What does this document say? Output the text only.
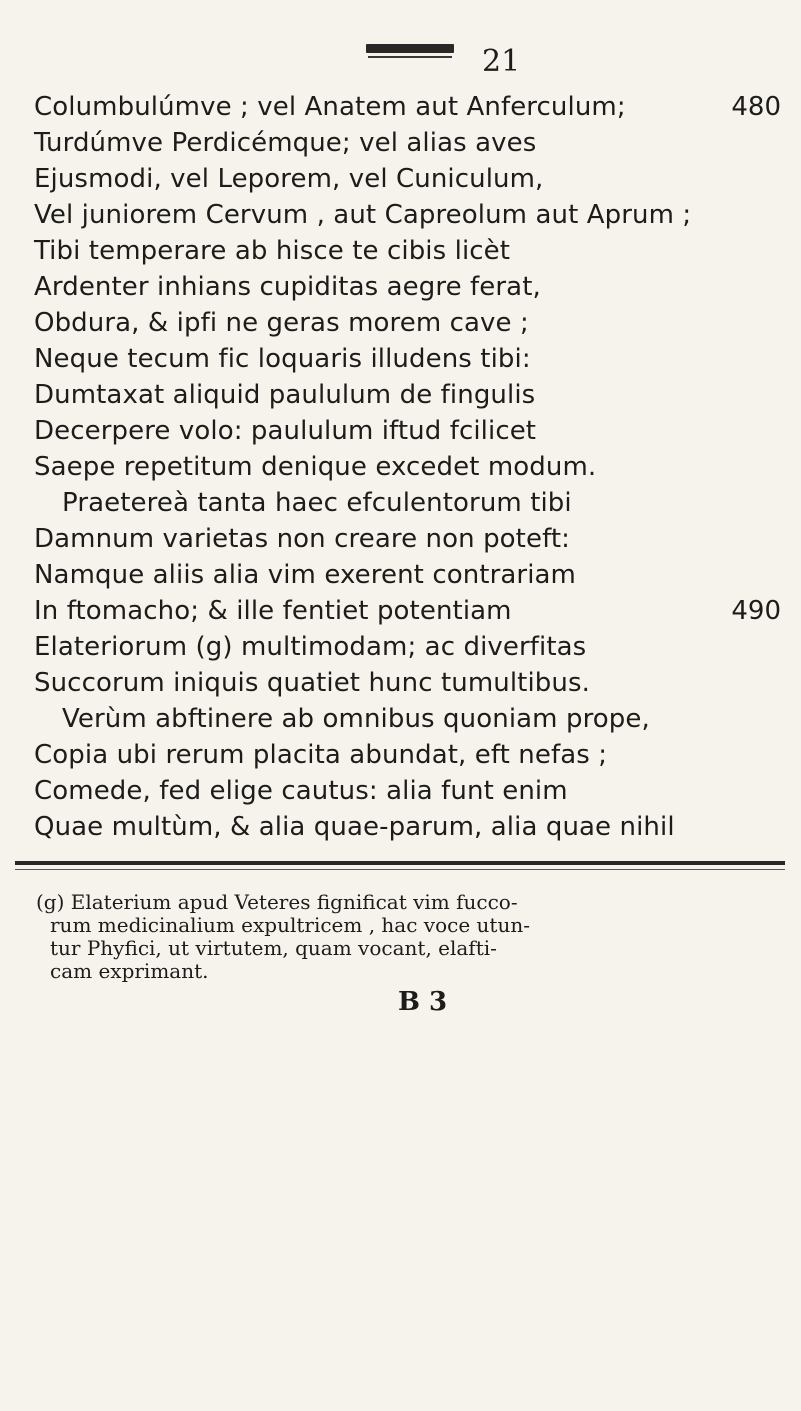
21
Columbulúmve ; vel Anatem aut Anferculum;	480
Turdúmve Perdicémque; vel alias aves
Ejusmodi, vel Leporem, vel Cuniculum,
Vel juniorem Cervum , aut Capreolum aut Aprum ;
Tibi temperare ab hisce te cibis licèt
Ardenter inhians cupiditas aegre ferat,
Obdura, & ipfi ne geras morem cave ;
Neque tecum fic loquaris illudens tibi:
Dumtaxat aliquid paululum de fingulis
Decerpere volo: paululum iftud fcilicet
Saepe repetitum denique excedet modum.
Praetereà tanta haec efculentorum tibi
Damnum varietas non creare non poteft:
Namque aliis alia vim exerent contrariam
In ftomacho; & ille fentiet potentiam	490
Elateriorum (g) multimodam; ac diverfitas
Succorum iniquis quatiet hunc tumultibus.
Verùm abftinere ab omnibus quoniam prope,
(g) Elaterium apud Veteres fignificat vim fucco-
rum medicinalium expultricem , hac voce utun-
tur Phyfici, ut virtutem, quam vocant, elafti-
cam exprimant.
B 3
Copia ubi rerum placita abundat, eft nefas ;
Comede, fed elige cautus: alia funt enim
Quae multùm, & alia quae-parum, alia quae nihil
